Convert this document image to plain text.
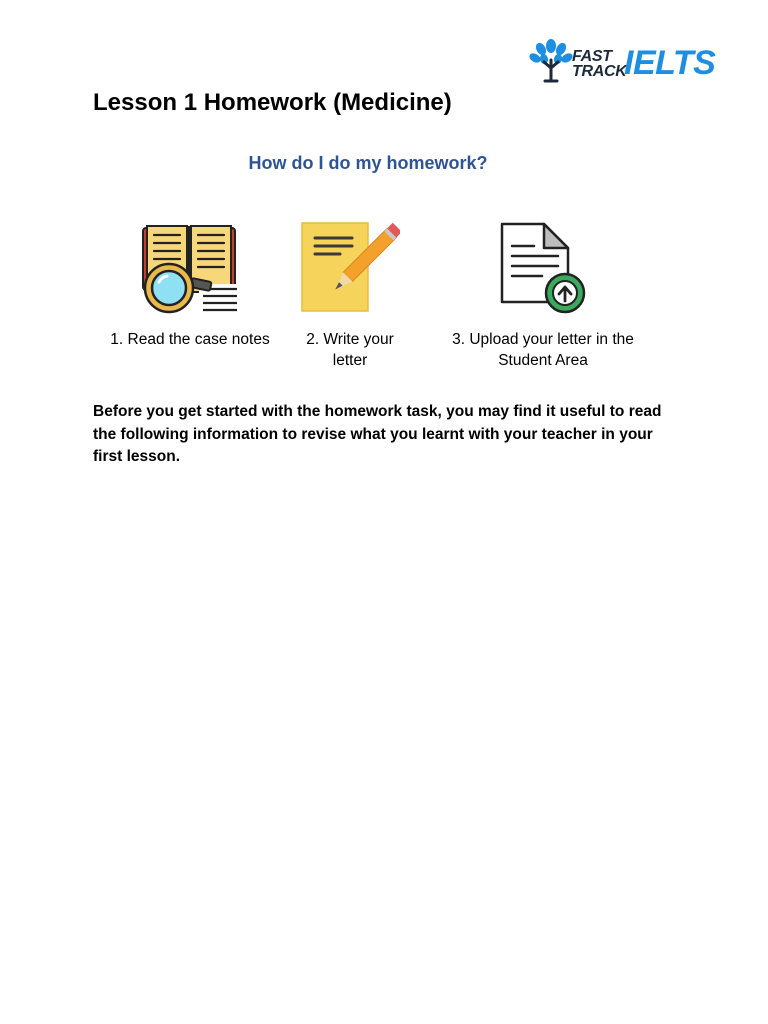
FAST
TRACK
IELTS
Lesson 1 Homework (Medicine)
How do I do my homework?
1. Read the case notes	2. Write your letter
3. Upload your letter in the Student Area

Before you get started with the homework task, you may find it useful to read the following information to revise what you learnt with your teacher in your first lesson.
